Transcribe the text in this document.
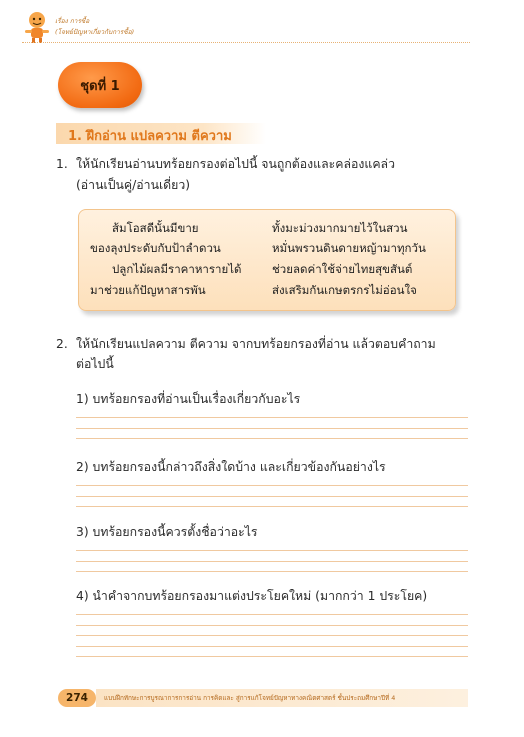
เรื่อง การซื้อ
(โจทย์ปัญหาเกี่ยวกับการซื้อ)
ชุดที่ 1
1. ฝึกอ่าน แปลความ ตีความ
1. ให้นักเรียนอ่านบทร้อยกรองต่อไปนี้ จนถูกต้องและคล่องแคล่ว
(อ่านเป็นคู่/อ่านเดี่ยว)
ส้มโอสดีนั้นมีขาย
ของลุงประดับกับป้าลำดวน
ปลูกไม้ผลมีราคาหารายได้
มาช่วยแก้ปัญหาสารพัน
ทั้งมะม่วงมากมายไว้ในสวน
หมั่นพรวนดินดายหญ้ามาทุกวัน
ช่วยลดค่าใช้จ่ายไทยสุขสันต์
ส่งเสริมกันเกษตรกรไม่อ่อนใจ
2. ให้นักเรียนแปลความ ตีความ จากบทร้อยกรองที่อ่าน แล้วตอบคำถาม
ต่อไปนี้
1) บทร้อยกรองที่อ่านเป็นเรื่องเกี่ยวกับอะไร
2) บทร้อยกรองนี้กล่าวถึงสิ่งใดบ้าง และเกี่ยวข้องกันอย่างไร
3) บทร้อยกรองนี้ควรตั้งชื่อว่าอะไร
4) นำคำจากบทร้อยกรองมาแต่งประโยคใหม่ (มากกว่า 1 ประโยค)
274	แบบฝึกทักษะการบูรณาการการอ่าน การคิดและ สู่การแก้โจทย์ปัญหาทางคณิตศาสตร์ ชั้นประถมศึกษาปีที่ 4
